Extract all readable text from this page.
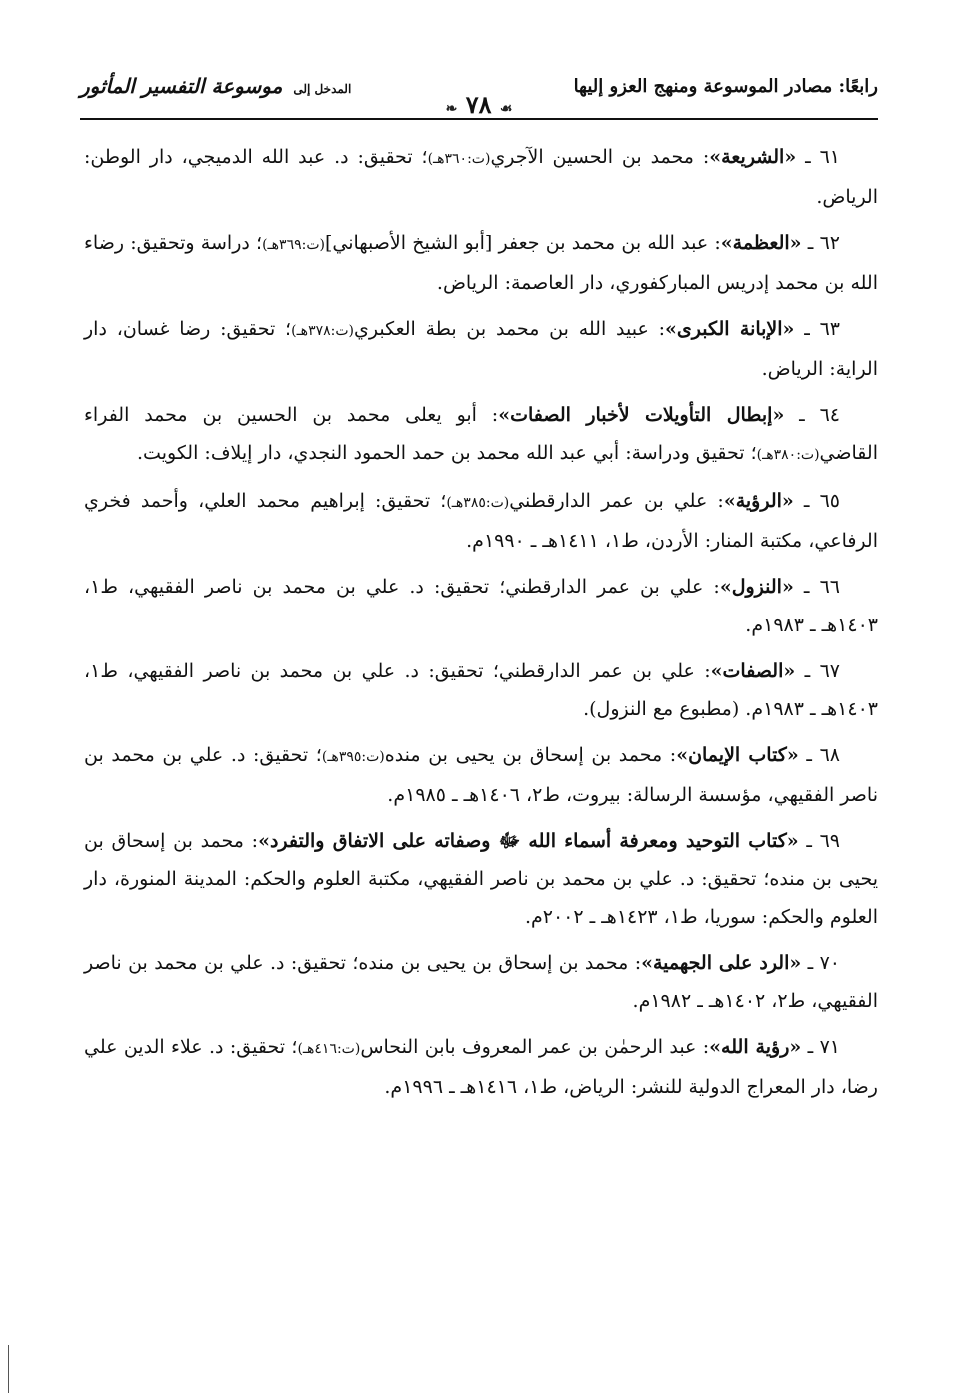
رابعًا: مصادر الموسوعة ومنهج العزو إليها
❧ ٧٨ ☙
المدخل إلى موسوعة التفسير المأثور

٦١ ـ «الشريعة»: محمد بن الحسين الآجري(ت:٣٦٠هـ)؛ تحقيق: د. عبد الله الدميجي، دار الوطن: الرياض.

٦٢ ـ «العظمة»: عبد الله بن محمد بن جعفر [أبو الشيخ الأصبهاني](ت:٣٦٩هـ)؛ دراسة وتحقيق: رضاء الله بن محمد إدريس المباركفوري، دار العاصمة: الرياض.

٦٣ ـ «الإبانة الكبرى»: عبيد الله بن محمد بن بطة العكبري(ت:٣٧٨هـ)؛ تحقيق: رضا غسان، دار الراية: الرياض.

٦٤ ـ «إبطال التأويلات لأخبار الصفات»: أبو يعلى محمد بن الحسين بن محمد الفراء القاضي(ت:٣٨٠هـ)؛ تحقيق ودراسة: أبي عبد الله محمد بن حمد الحمود النجدي، دار إيلاف: الكويت.

٦٥ ـ «الرؤية»: علي بن عمر الدارقطني(ت:٣٨٥هـ)؛ تحقيق: إبراهيم محمد العلي، وأحمد فخري الرفاعي، مكتبة المنار: الأردن، ط١، ١٤١١هـ ـ ١٩٩٠م.

٦٦ ـ «النزول»: علي بن عمر الدارقطني؛ تحقيق: د. علي بن محمد بن ناصر الفقيهي، ط١، ١٤٠٣هـ ـ ١٩٨٣م.

٦٧ ـ «الصفات»: علي بن عمر الدارقطني؛ تحقيق: د. علي بن محمد بن ناصر الفقيهي، ط١، ١٤٠٣هـ ـ ١٩٨٣م. (مطبوع مع النزول).

٦٨ ـ «كتاب الإيمان»: محمد بن إسحاق بن يحيى بن منده(ت:٣٩٥هـ)؛ تحقيق: د. علي بن محمد بن ناصر الفقيهي، مؤسسة الرسالة: بيروت، ط٢، ١٤٠٦هـ ـ ١٩٨٥م.

٦٩ ـ «كتاب التوحيد ومعرفة أسماء الله ﷻ وصفاته على الاتفاق والتفرد»: محمد بن إسحاق بن يحيى بن منده؛ تحقيق: د. علي بن محمد بن ناصر الفقيهي، مكتبة العلوم والحكم: المدينة المنورة، دار العلوم والحكم: سوريا، ط١، ١٤٢٣هـ ـ ٢٠٠٢م.

٧٠ ـ «الرد على الجهمية»: محمد بن إسحاق بن يحيى بن منده؛ تحقيق: د. علي بن محمد بن ناصر الفقيهي، ط٢، ١٤٠٢هـ ـ ١٩٨٢م.

٧١ ـ «رؤية الله»: عبد الرحمٰن بن عمر المعروف بابن النحاس(ت:٤١٦هـ)؛ تحقيق: د. علاء الدين علي رضا، دار المعراج الدولية للنشر: الرياض، ط١، ١٤١٦هـ ـ ١٩٩٦م.
